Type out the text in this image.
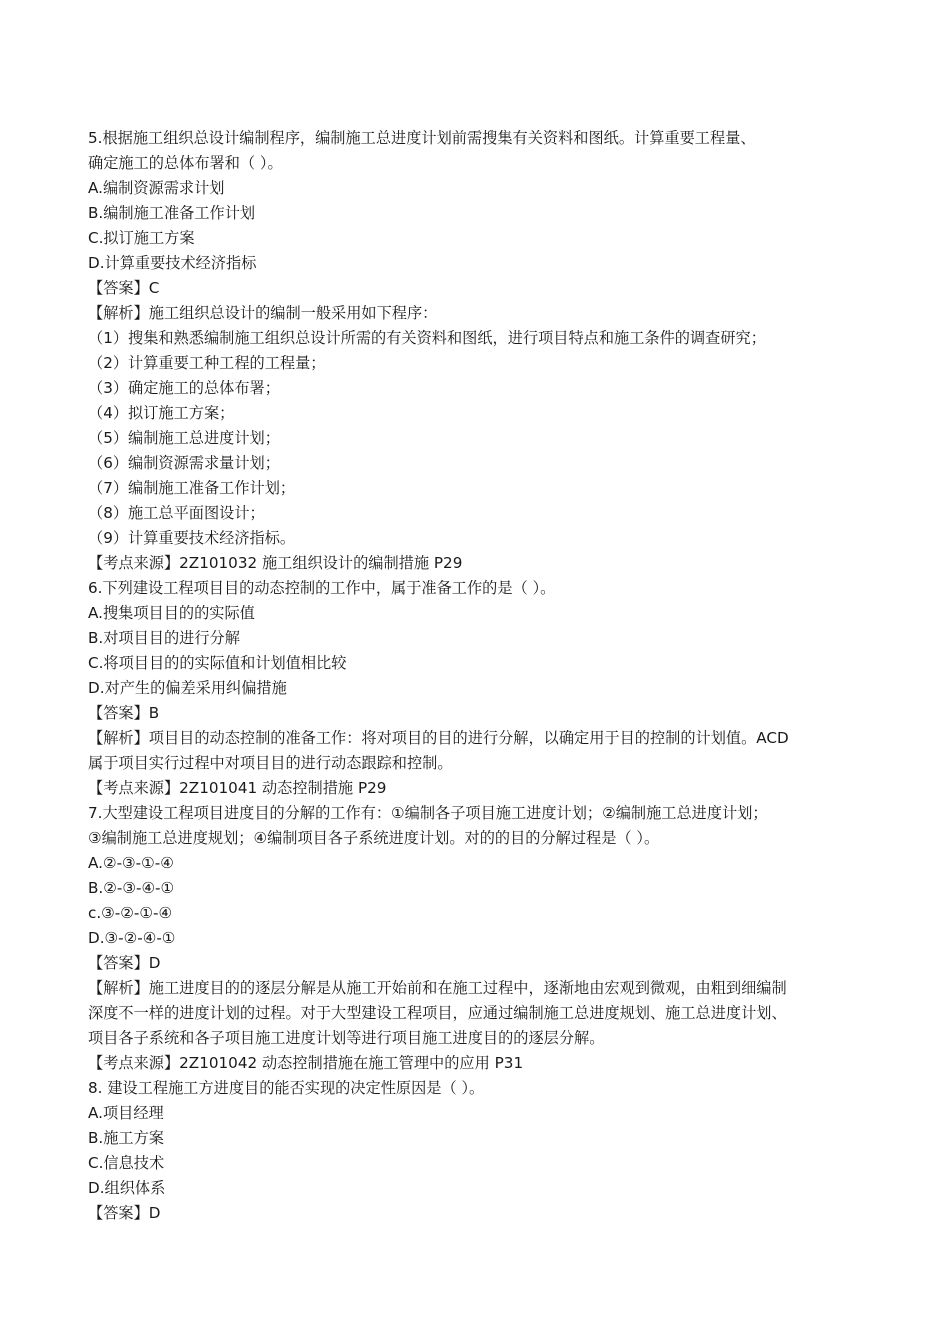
5.根据施工组织总设计编制程序，编制施工总进度计划前需搜集有关资料和图纸。计算重要工程量、
确定施工的总体布署和（ ）。
A.编制资源需求计划
B.编制施工准备工作计划
C.拟订施工方案
D.计算重要技术经济指标
【答案】C
【解析】施工组织总设计的编制一般采用如下程序：
（1）搜集和熟悉编制施工组织总设计所需的有关资料和图纸，进行项目特点和施工条件的调查研究；
（2）计算重要工种工程的工程量；
（3）确定施工的总体布署；
（4）拟订施工方案；
（5）编制施工总进度计划；
（6）编制资源需求量计划；
（7）编制施工准备工作计划；
（8）施工总平面图设计；
（9）计算重要技术经济指标。
【考点来源】2Z101032 施工组织设计的编制措施 P29
6.下列建设工程项目目的动态控制的工作中，属于准备工作的是（ ）。
A.搜集项目目的的实际值
B.对项目目的进行分解
C.将项目目的的实际值和计划值相比较
D.对产生的偏差采用纠偏措施
【答案】B
【解析】项目目的动态控制的准备工作：将对项目的目的进行分解，以确定用于目的控制的计划值。ACD
属于项目实行过程中对项目目的进行动态跟踪和控制。
【考点来源】2Z101041 动态控制措施 P29
7.大型建设工程项目进度目的分解的工作有：①编制各子项目施工进度计划；②编制施工总进度计划；
③编制施工总进度规划；④编制项目各子系统进度计划。对的的目的分解过程是（ ）。
A.②-③-①-④
B.②-③-④-①
c.③-②-①-④
D.③-②-④-①
【答案】D
【解析】施工进度目的的逐层分解是从施工开始前和在施工过程中，逐渐地由宏观到微观，由粗到细编制
深度不一样的进度计划的过程。对于大型建设工程项目，应通过编制施工总进度规划、施工总进度计划、
项目各子系统和各子项目施工进度计划等进行项目施工进度目的的逐层分解。
【考点来源】2Z101042 动态控制措施在施工管理中的应用 P31
8. 建设工程施工方进度目的能否实现的决定性原因是（ ）。
A.项目经理
B.施工方案
C.信息技术
D.组织体系
【答案】D
